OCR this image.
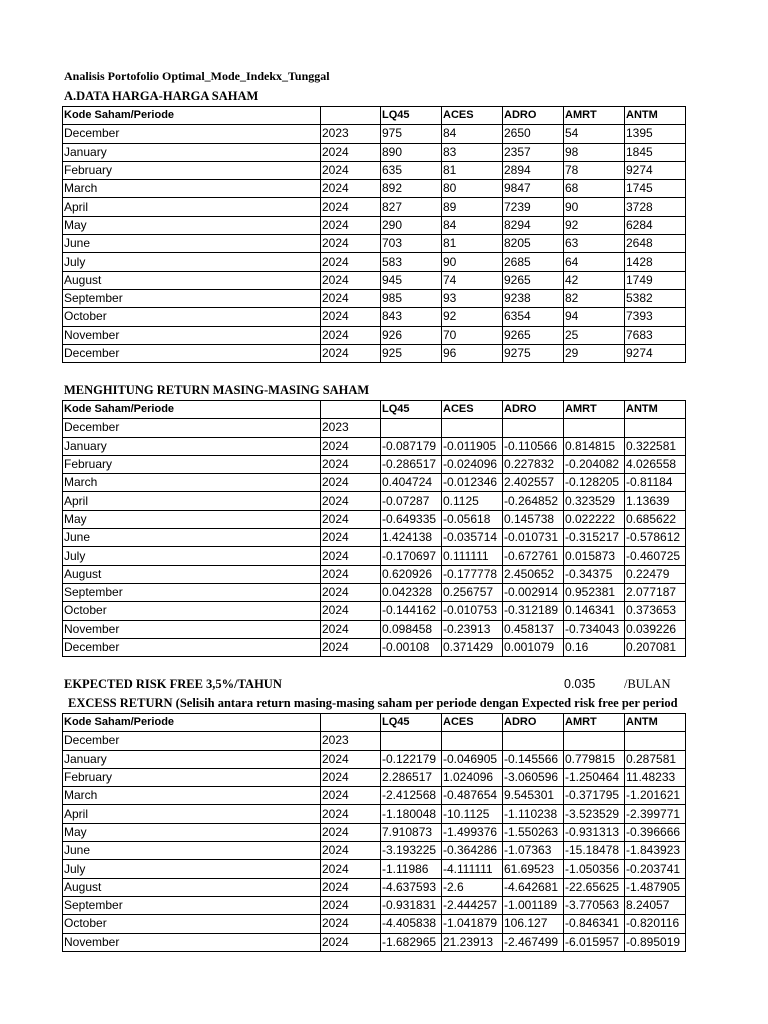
Analisis Portofolio Optimal_Mode_Indekx_Tunggal
A.DATA HARGA-HARGA SAHAM
Kode Saham/Periode		LQ45	ACES	ADRO	AMRT	ANTM
December	2023	975	84	2650	54	1395
January	2024	890	83	2357	98	1845
February	2024	635	81	2894	78	9274
March	2024	892	80	9847	68	1745
April	2024	827	89	7239	90	3728
May	2024	290	84	8294	92	6284
June	2024	703	81	8205	63	2648
July	2024	583	90	2685	64	1428
August	2024	945	74	9265	42	1749
September	2024	985	93	9238	82	5382
October	2024	843	92	6354	94	7393
November	2024	926	70	9265	25	7683
December	2024	925	96	9275	29	9274
MENGHITUNG RETURN MASING-MASING SAHAM
Kode Saham/Periode		LQ45	ACES	ADRO	AMRT	ANTM
December	2023					
January	2024	-0.087179	-0.011905	-0.110566	0.814815	0.322581
February	2024	-0.286517	-0.024096	0.227832	-0.204082	4.026558
March	2024	0.404724	-0.012346	2.402557	-0.128205	-0.81184
April	2024	-0.07287	0.1125	-0.264852	0.323529	1.13639
May	2024	-0.649335	-0.05618	0.145738	0.022222	0.685622
June	2024	1.424138	-0.035714	-0.010731	-0.315217	-0.578612
July	2024	-0.170697	0.111111	-0.672761	0.015873	-0.460725
August	2024	0.620926	-0.177778	2.450652	-0.34375	0.22479
September	2024	0.042328	0.256757	-0.002914	0.952381	2.077187
October	2024	-0.144162	-0.010753	-0.312189	0.146341	0.373653
November	2024	0.098458	-0.23913	0.458137	-0.734043	0.039226
December	2024	-0.00108	0.371429	0.001079	0.16	0.207081
EKPECTED RISK FREE 3,5%/TAHUN	0.035 /BULAN
EXCESS RETURN (Selisih antara return masing-masing saham per periode dengan Expected risk free per period
Kode Saham/Periode		LQ45	ACES	ADRO	AMRT	ANTM
December	2023					
January	2024	-0.122179	-0.046905	-0.145566	0.779815	0.287581
February	2024	2.286517	1.024096	-3.060596	-1.250464	11.48233
March	2024	-2.412568	-0.487654	9.545301	-0.371795	-1.201621
April	2024	-1.180048	-10.1125	-1.110238	-3.523529	-2.399771
May	2024	7.910873	-1.499376	-1.550263	-0.931313	-0.396666
June	2024	-3.193225	-0.364286	-1.07363	-15.18478	-1.843923
July	2024	-1.11986	-4.111111	61.69523	-1.050356	-0.203741
August	2024	-4.637593	-2.6	-4.642681	-22.65625	-1.487905
September	2024	-0.931831	-2.444257	-1.001189	-3.770563	8.24057
October	2024	-4.405838	-1.041879	106.127	-0.846341	-0.820116
November	2024	-1.682965	21.23913	-2.467499	-6.015957	-0.895019
